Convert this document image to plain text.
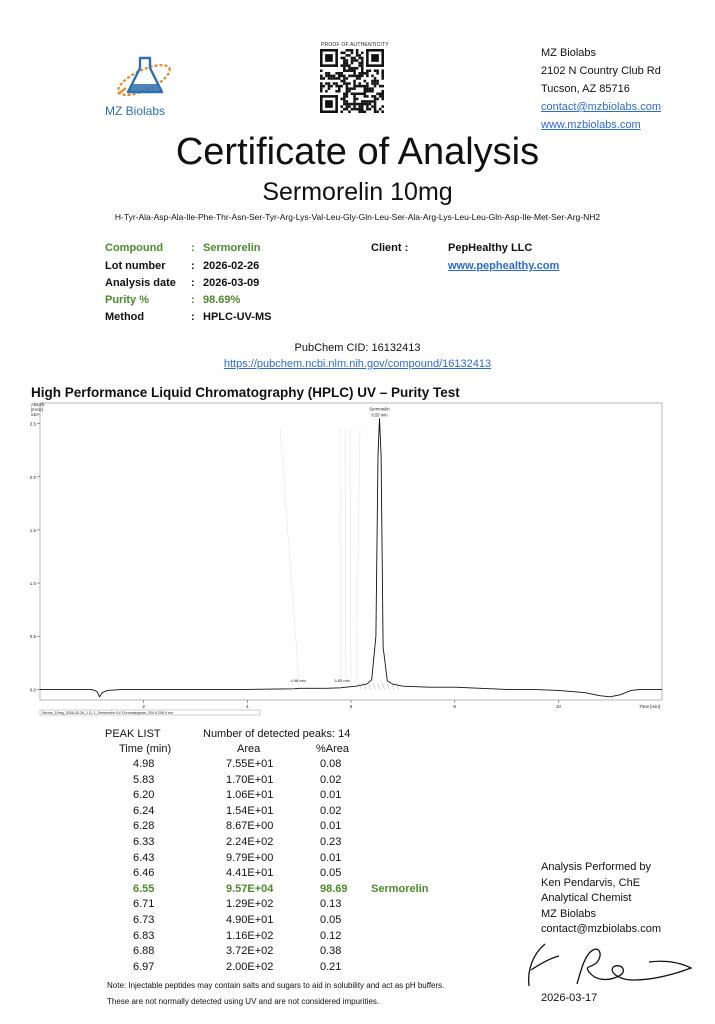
MZ Biolabs
PROOF OF AUTHENTICITY
MZ Biolabs
2102 N Country Club Rd
Tucson, AZ 85716
contact@mzbiolabs.com
www.mzbiolabs.com
Certificate of Analysis
Sermorelin 10mg
H-Tyr-Ala-Asp-Ala-Ile-Phe-Thr-Asn-Ser-Tyr-Arg-Lys-Val-Leu-Gly-Gln-Leu-Ser-Ala-Arg-Lys-Leu-Leu-Gln-Asp-Ile-Met-Ser-Arg-NH2
Compound	: Sermorelin
Lot number	: 2026-02-26
Analysis date	: 2026-03-09
Purity %	: 98.69%
Method	: HPLC-UV-MS
Client :	PepHealthy LLC
www.pephealthy.com
PubChem CID: 16132413
https://pubchem.ncbi.nlm.nih.gov/compound/16132413
High Performance Liquid Chromatography (HPLC) UV – Purity Test
0.0
0.5
1.0
1.5
2.0
2.5
2	4	6	8	10
Absorb.
[mAU]
x10⁴
Time [min]
Sermorelin
6.55 min
4.98 min	5.83 min
Sermo_10mg_2026-02-26_1.D, 1_Sermorelin UV Chromatogram, 204.9-206.9 nm
PEAK LIST	Number of detected peaks: 14
Time (min)	Area	%Area
4.98	7.55E+01	0.08
5.83	1.70E+01	0.02
6.20	1.06E+01	0.01
6.24	1.54E+01	0.02
6.28	8.67E+00	0.01
6.33	2.24E+02	0.23
6.43	9.79E+00	0.01
6.46	4.41E+01	0.05
6.55	9.57E+04	98.69 Sermorelin
6.71	1.29E+02	0.13
6.73	4.90E+01	0.05
6.83	1.16E+02	0.12
6.88	3.72E+02	0.38
6.97	2.00E+02	0.21
Analysis Performed by
Ken Pendarvis, ChE
Analytical Chemist
MZ Biolabs
contact@mzbiolabs.com
2026-03-17
Note: Injectable peptides may contain salts and sugars to aid in solubility and act as pH buffers.
These are not normally detected using UV and are not considered impurities.
